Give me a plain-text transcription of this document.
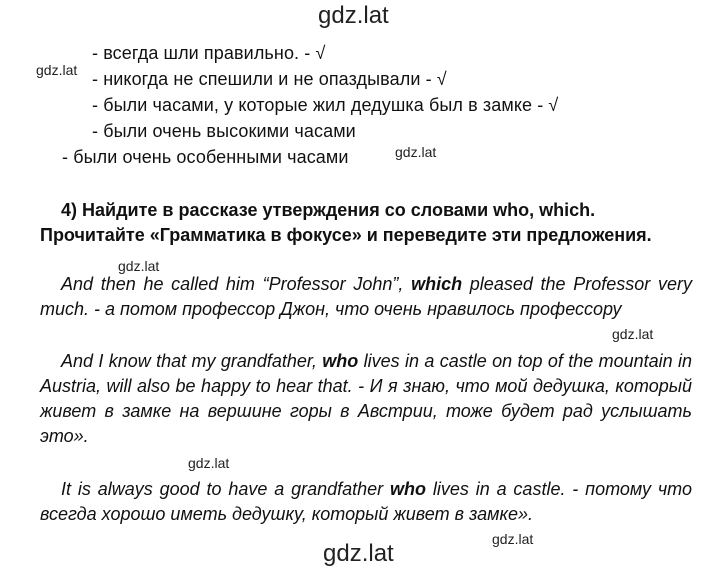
gdz.lat
gdz.lat
gdz.lat
gdz.lat
gdz.lat
gdz.lat
gdz.lat
gdz.lat
- всегда шли правильно. - √
- никогда не спешили и не опаздывали - √
- были часами, у которые жил дедушка был в замке - √
- были очень высокими часами
- были очень особенными часами
4) Найдите в рассказе утверждения со словами who, which.
Прочитайте «Грамматика в фокусе» и переведите эти предложения.
And then he called him “Professor John”, which pleased the Professor very much. - а потом профессор Джон, что очень нравилось профессору
And I know that my grandfather, who lives in a castle on top of the mountain in Austria, will also be happy to hear that. - И я знаю, что мой дедушка, который живет в замке на вершине горы в Австрии, тоже будет рад услышать это».
It is always good to have a grandfather who lives in a castle. - потому что всегда хорошо иметь дедушку, который живет в замке».
